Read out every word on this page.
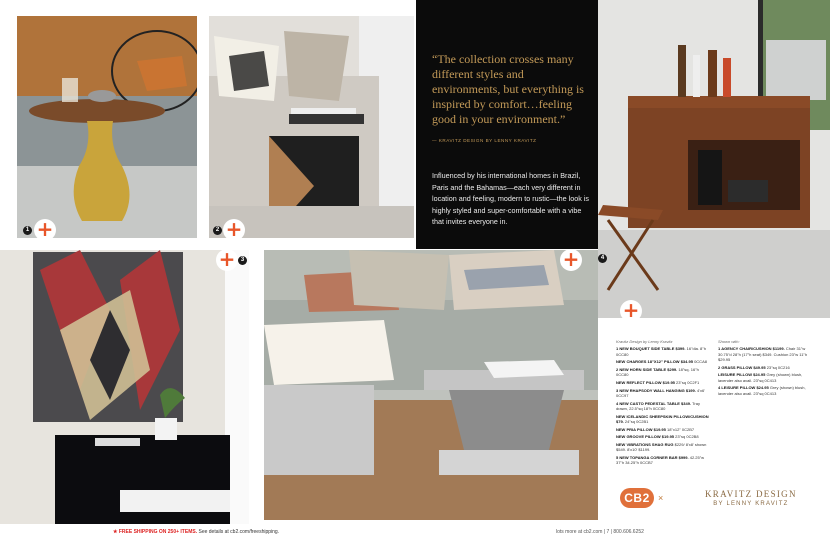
1 +	2 +
“The collection crosses many different styles and environments, but everything is inspired by comfort…feeling good in your environment.”
— KRAVITZ DESIGN BY LENNY KRAVITZ
Influenced by his international homes in Brazil, Paris and the Bahamas—each very different in location and feeling, modern to rustic—the look is highly styled and super-comfortable with a vibe that invites everyone in.
4
+
+ 3	+
Kravitz Design by Lenny Kravitz
1 NEW BOUQUET SIDE TABLE $399. 16"dia. 8"h 0CC80
NEW CHARGES 18"X12" PILLOW $34.95 0CCA8
2 NEW HORN SIDE TABLE $299. 18"sq. 16"h 0CC80
NEW REFLECT PILLOW $19.95 23"sq 0C2F1
3 NEW RHAPSODY WALL HANGING $199. 4'x6' 0CC97
4 NEW CASTO PEDESTAL TABLE $349. Tray drawn, 22.5"sq 18"h 0CC80
NEW ICELANDIC SHEEPSKIN PILLOW/CUSHION $79. 24"sq 0C2B1
NEW PRIA PILLOW $19.95 18"x12" 0C2B7
NEW GROOVE PILLOW $19.95 23"sq 0C2B8
NEW VIBRATIONS SHAG RUG $229/ 8'x8' shown $549. 8'x10' $1199.
5 NEW TOPANGA CORNER BAR $999. 42.25"w 37"h 34.25"h 0CCB7
Shown with:
1 AGENCY CHAIR/CUSHION $1199. Chair 31"w 30.75"d 28"h (17"h seat) $349. Cushion 23"w 11"h $29.95
2 GRASS PILLOW $49.95 23"sq 0C216
LEISURE PILLOW $24.95 Grey (shown) blush, lavender also avail. 23"sq 0C413
4 LEISURE PILLOW $24.95 Grey (shown) blush, lavender also avail. 23"sq 0C413
CB2 ×	KRAVITZ DESIGN
BY LENNY KRAVITZ
★ FREE SHIPPING ON 250+ ITEMS. See details at cb2.com/freeshipping.	lots more at cb2.com | 7 | 800.606.6252
